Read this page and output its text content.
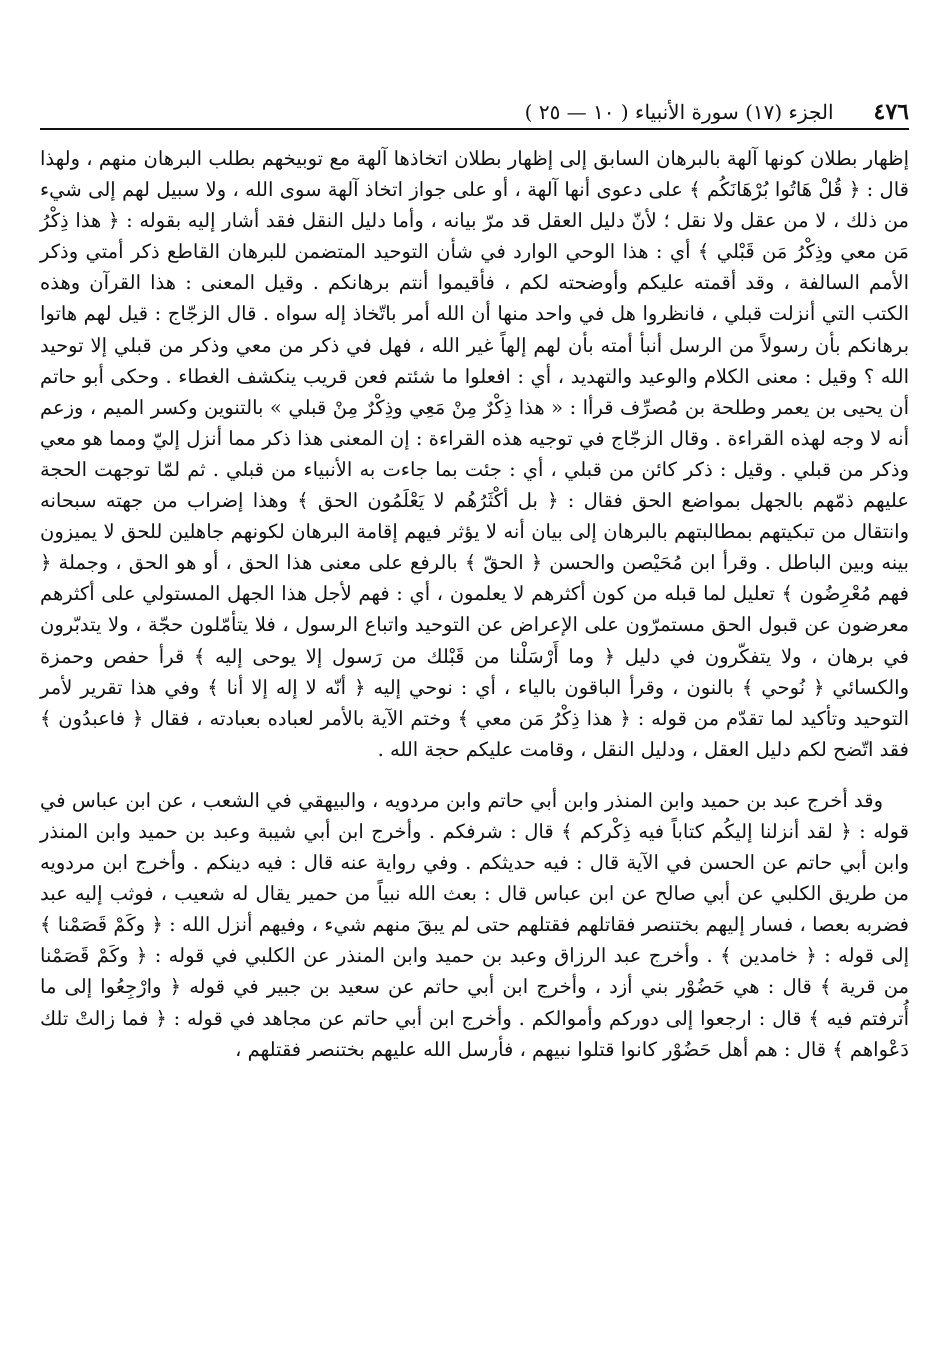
٤٧٦
الجزء (١٧) سورة الأنبياء ( ١٠ — ٢٥ )

إظهار بطلان كونها آلهة بالبرهان السابق إلى إظهار بطلان اتخاذها آلهة مع توبيخهم بطلب البرهان منهم ، ولهذا قال : ﴿ قُلْ هَاتُوا بُرْهَانَكُم ﴾ على دعوى أنها آلهة ، أو على جواز اتخاذ آلهة سوى الله ، ولا سبيل لهم إلى شيء من ذلك ، لا من عقل ولا نقل ؛ لأنّ دليل العقل قد مرّ بيانه ، وأما دليل النقل فقد أشار إليه بقوله : ﴿ هذا ذِكْرُ مَن معي وذِكْرُ مَن قَبْلي ﴾ أي : هذا الوحي الوارد في شأن التوحيد المتضمن للبرهان القاطع ذكر أمتي وذكر الأمم السالفة ، وقد أقمته عليكم وأوضحته لكم ، فأقيموا أنتم برهانكم . وقيل المعنى : هذا القرآن وهذه الكتب التي أنزلت قبلي ، فانظروا هل في واحد منها أن الله أمر باتّخاذ إله سواه . قال الزجّاج : قيل لهم هاتوا برهانكم بأن رسولاً من الرسل أنبأ أمته بأن لهم إلهاً غير الله ، فهل في ذكر من معي وذكر من قبلي إلا توحيد الله ؟ وقيل : معنى الكلام والوعيد والتهديد ، أي : افعلوا ما شئتم فعن قريب ينكشف الغطاء . وحكى أبو حاتم أن يحيى بن يعمر وطلحة بن مُصرِّف قرأا : « هذا ذِكْرٌ مِنْ مَعِي وذِكْرٌ مِنْ قبلي » بالتنوين وكسر الميم ، وزعم أنه لا وجه لهذه القراءة . وقال الزجّاج في توجيه هذه القراءة : إن المعنى هذا ذكر مما أنزل إليّ ومما هو معي وذكر من قبلي . وقيل : ذكر كائن من قبلي ، أي : جئت بما جاءت به الأنبياء من قبلي . ثم لمّا توجهت الحجة عليهم ذمّهم بالجهل بمواضع الحق فقال : ﴿ بل أكْثَرُهُم لا يَعْلَمُون الحق ﴾ وهذا إضراب من جهته سبحانه وانتقال من تبكيتهم بمطالبتهم بالبرهان إلى بيان أنه لا يؤثر فيهم إقامة البرهان لكونهم جاهلين للحق لا يميزون بينه وبين الباطل . وقرأ ابن مُحَيْصن والحسن ﴿ الحقّ ﴾ بالرفع على معنى هذا الحق ، أو هو الحق ، وجملة ﴿ فهم مُعْرِضُون ﴾ تعليل لما قبله من كون أكثرهم لا يعلمون ، أي : فهم لأجل هذا الجهل المستولي على أكثرهم معرضون عن قبول الحق مستمرّون على الإعراض عن التوحيد واتباع الرسول ، فلا يتأمّلون حجّة ، ولا يتدبّرون في برهان ، ولا يتفكّرون في دليل ﴿ وما أَرْسَلْنا من قَبْلك من رَسول إلا يوحى إليه ﴾ قرأ حفص وحمزة والكسائي ﴿ نُوحي ﴾ بالنون ، وقرأ الباقون بالياء ، أي : نوحي إليه ﴿ أنّه لا إله إلا أنا ﴾ وفي هذا تقرير لأمر التوحيد وتأكيد لما تقدّم من قوله : ﴿ هذا ذِكْرُ مَن معي ﴾ وختم الآية بالأمر لعباده بعبادته ، فقال ﴿ فاعبدُون ﴾ فقد اتّضح لكم دليل العقل ، ودليل النقل ، وقامت عليكم حجة الله .

وقد أخرج عبد بن حميد وابن المنذر وابن أبي حاتم وابن مردويه ، والبيهقي في الشعب ، عن ابن عباس في قوله : ﴿ لقد أنزلنا إليكُم كتاباً فيه ذِكْركم ﴾ قال : شرفكم . وأخرج ابن أبي شيبة وعبد بن حميد وابن المنذر وابن أبي حاتم عن الحسن في الآية قال : فيه حديثكم . وفي رواية عنه قال : فيه دينكم . وأخرج ابن مردويه من طريق الكلبي عن أبي صالح عن ابن عباس قال : بعث الله نبياً من حمير يقال له شعيب ، فوثب إليه عبد فضربه بعصا ، فسار إليهم بختنصر فقاتلهم فقتلهم حتى لم يبقَ منهم شيء ، وفيهم أنزل الله : ﴿ وكَمْ قَصَمْنا ﴾ إلى قوله : ﴿ خامدين ﴾ . وأخرج عبد الرزاق وعبد بن حميد وابن المنذر عن الكلبي في قوله : ﴿ وكَمْ قَصَمْنا من قرية ﴾ قال : هي حَضُوْر بني أزد ، وأخرج ابن أبي حاتم عن سعيد بن جبير في قوله ﴿ وارْجِعُوا إلى ما أُترفتم فيه ﴾ قال : ارجعوا إلى دوركم وأموالكم . وأخرج ابن أبي حاتم عن مجاهد في قوله : ﴿ فما زالتْ تلك دَعْواهم ﴾ قال : هم أهل حَضُوْر كانوا قتلوا نبيهم ، فأرسل الله عليهم بختنصر فقتلهم ،
